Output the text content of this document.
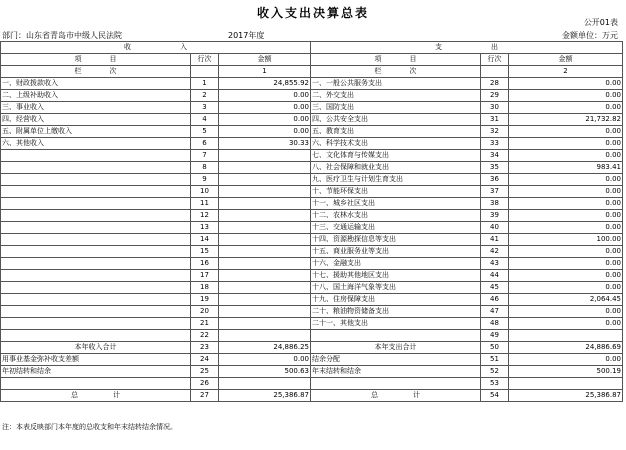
收入支出决算总表
公开01表
部门：山东省青岛市中级人民法院	2017年度	金额单位：万元
收　　　　　　　入			支　　　　　　　出		
项　　　　目	行次	金额	项　　　　目	行次	金额
栏　　　　次		1	栏　　　　次		2
一、财政拨款收入	1	24,855.92	一、一般公共服务支出	28	0.00
二、上级补助收入	2	0.00	二、外交支出	29	0.00
三、事业收入	3	0.00	三、国防支出	30	0.00
四、经营收入	4	0.00	四、公共安全支出	31	21,732.82
五、附属单位上缴收入	5	0.00	五、教育支出	32	0.00
六、其他收入	6	30.33	六、科学技术支出	33	0.00
	7		七、文化体育与传媒支出	34	0.00
	8		八、社会保障和就业支出	35	983.41
	9		九、医疗卫生与计划生育支出	36	0.00
	10		十、节能环保支出	37	0.00
	11		十一、城乡社区支出	38	0.00
	12		十二、农林水支出	39	0.00
	13		十三、交通运输支出	40	0.00
	14		十四、资源勘探信息等支出	41	100.00
	15		十五、商业服务业等支出	42	0.00
	16		十六、金融支出	43	0.00
	17		十七、援助其他地区支出	44	0.00
	18		十八、国土海洋气象等支出	45	0.00
	19		十九、住房保障支出	46	2,064.45
	20		二十、粮油物资储备支出	47	0.00
	21		二十一、其他支出	48	0.00
	22			49	
本年收入合计	23	24,886.25	本年支出合计	50	24,886.69
用事业基金弥补收支差额	24	0.00	结余分配	51	0.00
年初结转和结余	25	500.63	年末结转和结余	52	500.19
	26			53	
总　　　　　计	27	25,386.87	总　　　　　计	54	25,386.87
注：本表反映部门本年度的总收支和年末结转结余情况。
